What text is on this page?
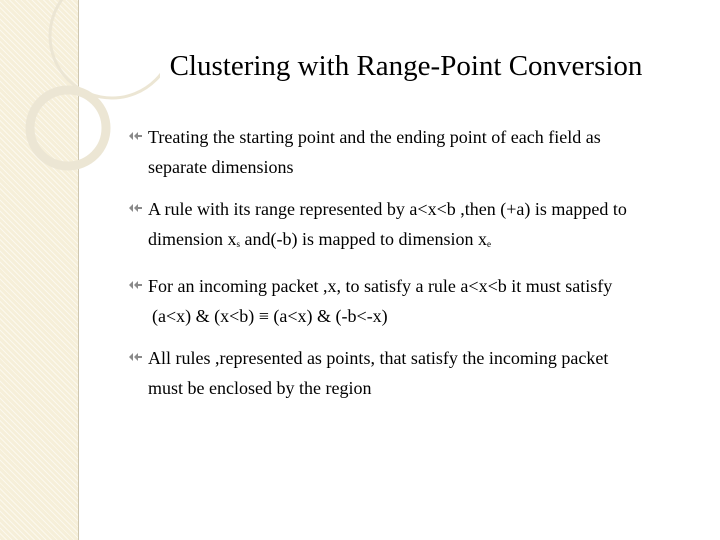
Clustering with Range-Point Conversion
Treating the starting point and the ending point of each field as
separate dimensions
A rule with its range represented by a<x<b ,then (+a) is mapped to
dimension $x_s$ and(-b) is mapped to dimension $x_e$
For an incoming packet ,x, to satisfy a rule a<x<b it must satisfy
(a<x) & (x<b) ≡ (a<x) & (-b<-x)
All rules ,represented as points, that satisfy the incoming packet
must be enclosed by the region
